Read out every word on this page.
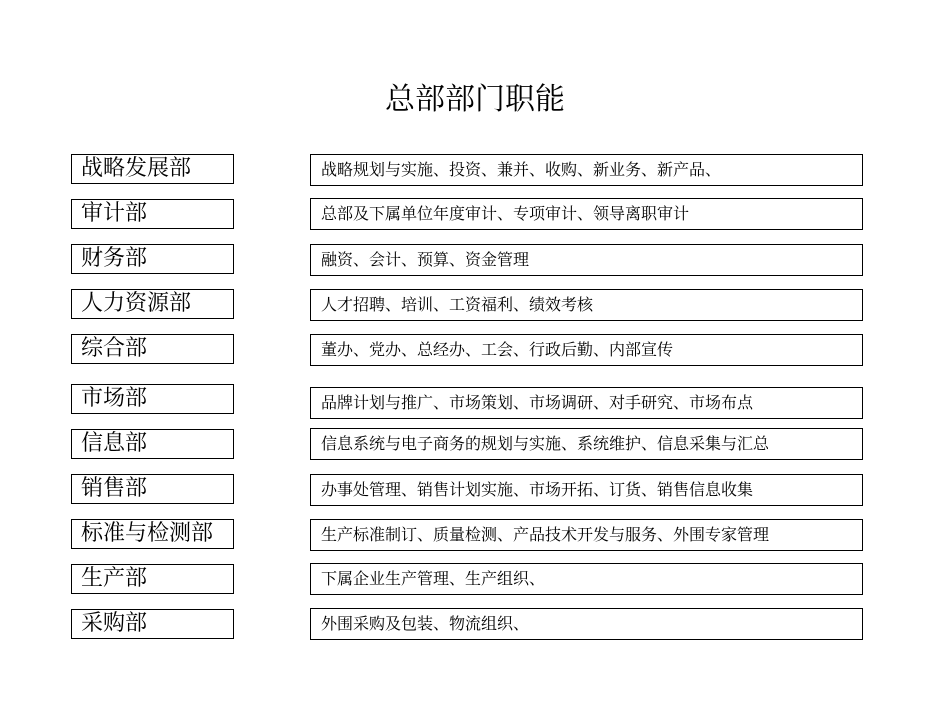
总部部门职能
战略发展部	战略规划与实施、投资、兼并、收购、新业务、新产品、
审计部	总部及下属单位年度审计、专项审计、领导离职审计
财务部	融资、会计、预算、资金管理
人力资源部	人才招聘、培训、工资福利、绩效考核
综合部	董办、党办、总经办、工会、行政后勤、内部宣传
市场部	品牌计划与推广、市场策划、市场调研、对手研究、市场布点
信息部	信息系统与电子商务的规划与实施、系统维护、信息采集与汇总
销售部	办事处管理、销售计划实施、市场开拓、订货、销售信息收集
标准与检测部	生产标准制订、质量检测、产品技术开发与服务、外围专家管理
生产部	下属企业生产管理、生产组织、
采购部	外围采购及包装、物流组织、
